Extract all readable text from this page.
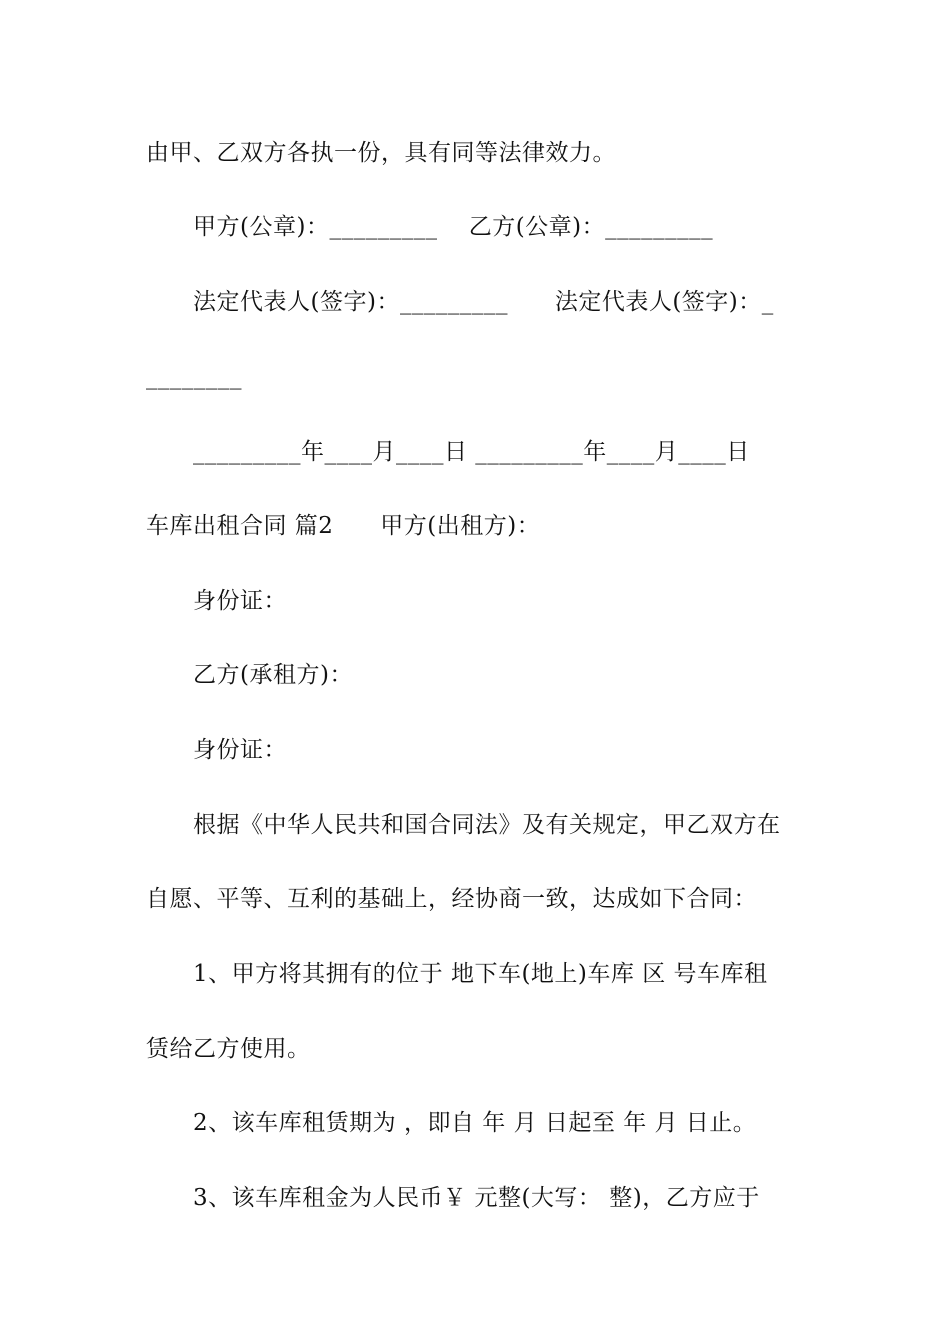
由甲、乙双方各执一份，具有同等法律效力。
甲方(公章)：_________    乙方(公章)：_________
法定代表人(签字)：_________      法定代表人(签字)：_
________
_________年____月____日 _________年____月____日
车库出租合同 篇2      甲方(出租方)：
身份证：
乙方(承租方)：
身份证：
根据《中华人民共和国合同法》及有关规定，甲乙双方在
自愿、平等、互利的基础上，经协商一致，达成如下合同：
1、甲方将其拥有的位于 地下车(地上)车库 区 号车库租
赁给乙方使用。
2、该车库租赁期为 ，即自 年 月 日起至 年 月 日止。
3、该车库租金为人民币￥ 元整(大写： 整)，乙方应于
